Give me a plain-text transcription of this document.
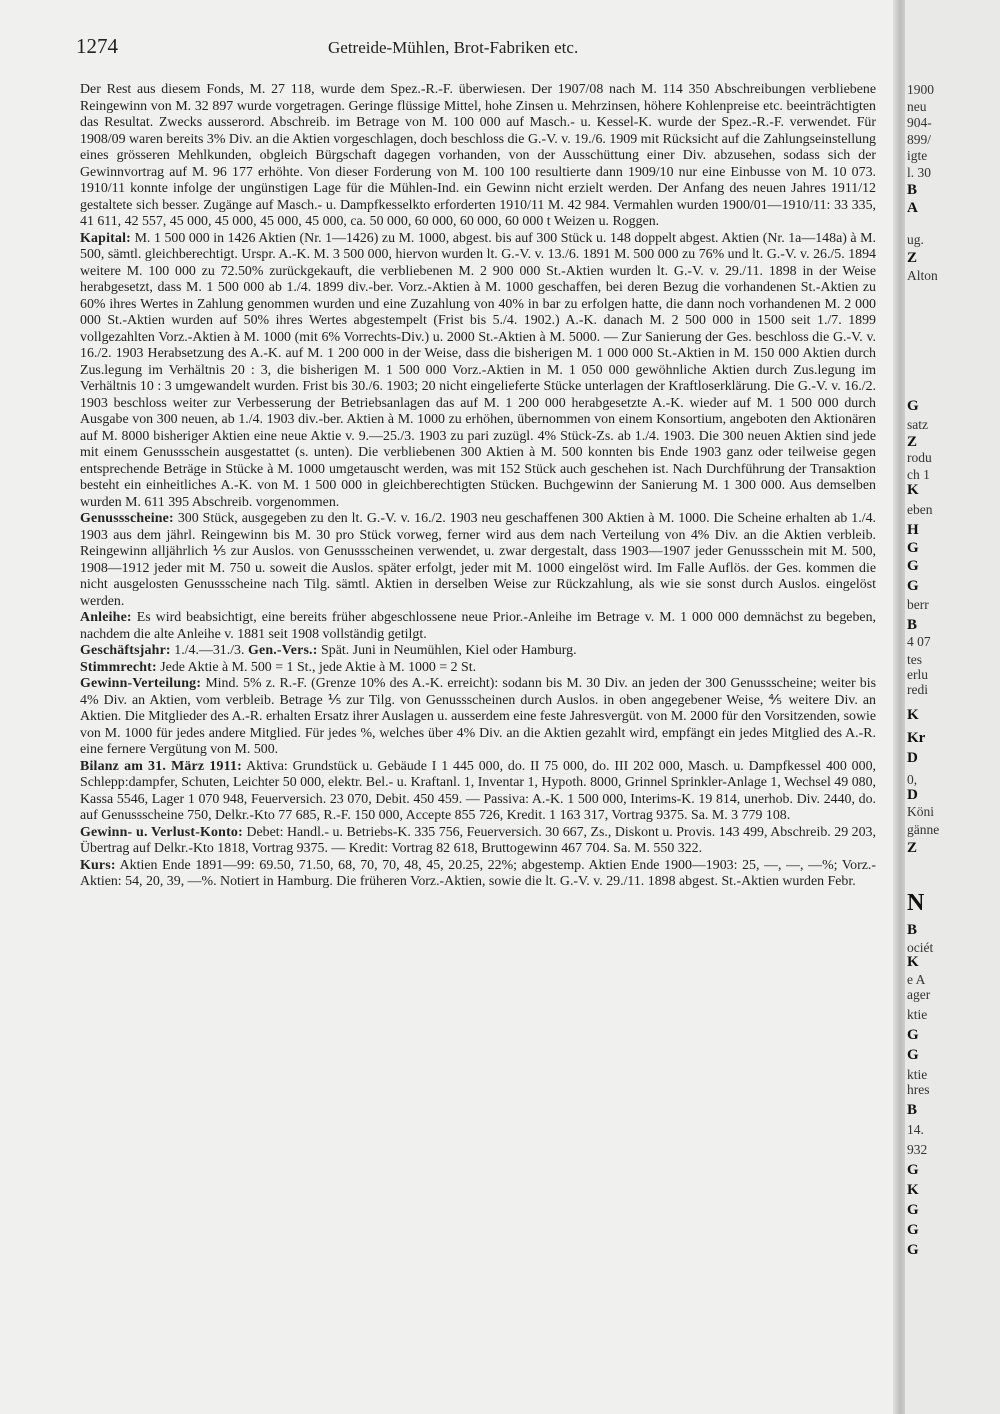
1274	Getreide-Mühlen, Brot-Fabriken etc.

Der Rest aus diesem Fonds, M. 27 118, wurde dem Spez.-R.-F. überwiesen. Der 1907/08 nach M. 114 350 Abschreibungen verbliebene Reingewinn von M. 32 897 wurde vorgetragen. Geringe flüssige Mittel, hohe Zinsen u. Mehrzinsen, höhere Kohlenpreise etc. beeinträchtigten das Resultat. Zwecks ausserord. Abschreib. im Betrage von M. 100 000 auf Masch.- u. Kessel-K. wurde der Spez.-R.-F. verwendet. Für 1908/09 waren bereits 3% Div. an die Aktien vorgeschlagen, doch beschloss die G.-V. v. 19./6. 1909 mit Rücksicht auf die Zahlungseinstellung eines grösseren Mehlkunden, obgleich Bürgschaft dagegen vorhanden, von der Ausschüttung einer Div. abzusehen, sodass sich der Gewinnvortrag auf M. 96 177 erhöhte. Von dieser Forderung von M. 100 100 resultierte dann 1909/10 nur eine Einbusse von M. 10 073. 1910/11 konnte infolge der ungünstigen Lage für die Mühlen-Ind. ein Gewinn nicht erzielt werden. Der Anfang des neuen Jahres 1911/12 gestaltete sich besser. Zugänge auf Masch.- u. Dampfkesselkto erforderten 1910/11 M. 42 984. Vermahlen wurden 1900/01—1910/11: 33 335, 41 611, 42 557, 45 000, 45 000, 45 000, 45 000, ca. 50 000, 60 000, 60 000, 60 000 t Weizen u. Roggen.

Kapital: M. 1 500 000 in 1426 Aktien (Nr. 1—1426) zu M. 1000, abgest. bis auf 300 Stück u. 148 doppelt abgest. Aktien (Nr. 1a—148a) à M. 500, sämtl. gleichberechtigt. Urspr. A.-K. M. 3 500 000, hiervon wurden lt. G.-V. v. 13./6. 1891 M. 500 000 zu 76% und lt. G.-V. v. 26./5. 1894 weitere M. 100 000 zu 72.50% zurückgekauft, die verbliebenen M. 2 900 000 St.-Aktien wurden lt. G.-V. v. 29./11. 1898 in der Weise herabgesetzt, dass M. 1 500 000 ab 1./4. 1899 div.-ber. Vorz.-Aktien à M. 1000 geschaffen, bei deren Bezug die vorhandenen St.-Aktien zu 60% ihres Wertes in Zahlung genommen wurden und eine Zuzahlung von 40% in bar zu erfolgen hatte, die dann noch vorhandenen M. 2 000 000 St.-Aktien wurden auf 50% ihres Wertes abgestempelt (Frist bis 5./4. 1902.) A.-K. danach M. 2 500 000 in 1500 seit 1./7. 1899 vollgezahlten Vorz.-Aktien à M. 1000 (mit 6% Vorrechts-Div.) u. 2000 St.-Aktien à M. 5000. — Zur Sanierung der Ges. beschloss die G.-V. v. 16./2. 1903 Herabsetzung des A.-K. auf M. 1 200 000 in der Weise, dass die bisherigen M. 1 000 000 St.-Aktien in M. 150 000 Aktien durch Zus.legung im Verhältnis 20 : 3, die bisherigen M. 1 500 000 Vorz.-Aktien in M. 1 050 000 gewöhnliche Aktien durch Zus.legung im Verhältnis 10 : 3 umgewandelt wurden. Frist bis 30./6. 1903; 20 nicht eingelieferte Stücke unterlagen der Kraftloserklärung. Die G.-V. v. 16./2. 1903 beschloss weiter zur Verbesserung der Betriebsanlagen das auf M. 1 200 000 herabgesetzte A.-K. wieder auf M. 1 500 000 durch Ausgabe von 300 neuen, ab 1./4. 1903 div.-ber. Aktien à M. 1000 zu erhöhen, übernommen von einem Konsortium, angeboten den Aktionären auf M. 8000 bisheriger Aktien eine neue Aktie v. 9.—25./3. 1903 zu pari zuzügl. 4% Stück-Zs. ab 1./4. 1903. Die 300 neuen Aktien sind jede mit einem Genussschein ausgestattet (s. unten). Die verbliebenen 300 Aktien à M. 500 konnten bis Ende 1903 ganz oder teilweise gegen entsprechende Beträge in Stücke à M. 1000 umgetauscht werden, was mit 152 Stück auch geschehen ist. Nach Durchführung der Transaktion besteht ein einheitliches A.-K. von M. 1 500 000 in gleichberechtigten Stücken. Buchgewinn der Sanierung M. 1 300 000. Aus demselben wurden M. 611 395 Abschreib. vorgenommen.

Genussscheine: 300 Stück, ausgegeben zu den lt. G.-V. v. 16./2. 1903 neu geschaffenen 300 Aktien à M. 1000. Die Scheine erhalten ab 1./4. 1903 aus dem jährl. Reingewinn bis M. 30 pro Stück vorweg, ferner wird aus dem nach Verteilung von 4% Div. an die Aktien verbleib. Reingewinn alljährlich ⅕ zur Auslos. von Genussscheinen verwendet, u. zwar dergestalt, dass 1903—1907 jeder Genussschein mit M. 500, 1908—1912 jeder mit M. 750 u. soweit die Auslos. später erfolgt, jeder mit M. 1000 eingelöst wird. Im Falle Auflös. der Ges. kommen die nicht ausgelosten Genussscheine nach Tilg. sämtl. Aktien in derselben Weise zur Rückzahlung, als wie sie sonst durch Auslos. eingelöst werden.

Anleihe: Es wird beabsichtigt, eine bereits früher abgeschlossene neue Prior.-Anleihe im Betrage v. M. 1 000 000 demnächst zu begeben, nachdem die alte Anleihe v. 1881 seit 1908 vollständig getilgt.

Geschäftsjahr: 1./4.—31./3. Gen.-Vers.: Spät. Juni in Neumühlen, Kiel oder Hamburg.

Stimmrecht: Jede Aktie à M. 500 = 1 St., jede Aktie à M. 1000 = 2 St.

Gewinn-Verteilung: Mind. 5% z. R.-F. (Grenze 10% des A.-K. erreicht): sodann bis M. 30 Div. an jeden der 300 Genussscheine; weiter bis 4% Div. an Aktien, vom verbleib. Betrage ⅕ zur Tilg. von Genussscheinen durch Auslos. in oben angegebener Weise, ⅘ weitere Div. an Aktien. Die Mitglieder des A.-R. erhalten Ersatz ihrer Auslagen u. ausserdem eine feste Jahresvergüt. von M. 2000 für den Vorsitzenden, sowie von M. 1000 für jedes andere Mitglied. Für jedes %, welches über 4% Div. an die Aktien gezahlt wird, empfängt ein jedes Mitglied des A.-R. eine fernere Vergütung von M. 500.

Bilanz am 31. März 1911: Aktiva: Grundstück u. Gebäude I 1 445 000, do. II 75 000, do. III 202 000, Masch. u. Dampfkessel 400 000, Schlepp:dampfer, Schuten, Leichter 50 000, elektr. Bel.- u. Kraftanl. 1, Inventar 1, Hypoth. 8000, Grinnel Sprinkler-Anlage 1, Wechsel 49 080, Kassa 5546, Lager 1 070 948, Feuerversich. 23 070, Debit. 450 459. — Passiva: A.-K. 1 500 000, Interims-K. 19 814, unerhob. Div. 2440, do. auf Genussscheine 750, Delkr.-Kto 77 685, R.-F. 150 000, Accepte 855 726, Kredit. 1 163 317, Vortrag 9375. Sa. M. 3 779 108.

Gewinn- u. Verlust-Konto: Debet: Handl.- u. Betriebs-K. 335 756, Feuerversich. 30 667, Zs., Diskont u. Provis. 143 499, Abschreib. 29 203, Übertrag auf Delkr.-Kto 1818, Vortrag 9375. — Kredit: Vortrag 82 618, Bruttogewinn 467 704. Sa. M. 550 322.

Kurs: Aktien Ende 1891—99: 69.50, 71.50, 68, 70, 70, 48, 45, 20.25, 22%; abgestemp. Aktien Ende 1900—1903: 25, —, —, —%; Vorz.-Aktien: 54, 20, 39, —%. Notiert in Hamburg. Die früheren Vorz.-Aktien, sowie die lt. G.-V. v. 29./11. 1898 abgest. St.-Aktien wurden Febr.

1900
neu
904-
899/
igte
l. 30
B
A
ug.
Z
Alton
G
satz
Z
rodu
ch 1
K
eben
H
G
G
G
berr
B
4 07
tes
erlu
redi
K
Kr
D
0,
D
Köni
gänne
Z
N
B
ociét
K
e A
ager
ktie
G
G
ktie
hres
B
14.
932
G
K
G
G
G
